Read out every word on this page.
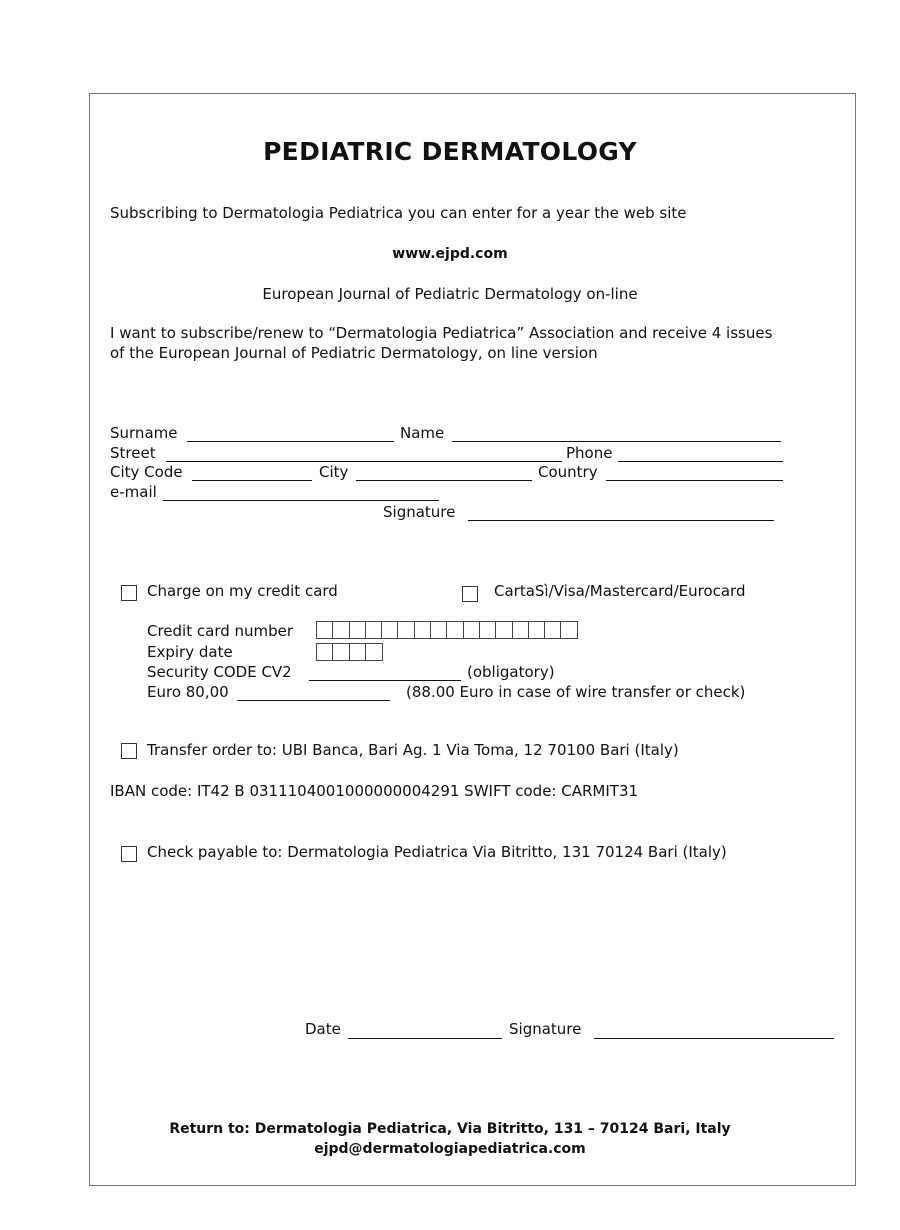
PEDIATRIC DERMATOLOGY
Subscribing to Dermatologia Pediatrica you can enter for a year the web site
www.ejpd.com
European Journal of Pediatric Dermatology on-line
I want to subscribe/renew to “Dermatologia Pediatrica” Association and receive 4 issues
of the European Journal of Pediatric Dermatology, on line version
Surname	Name
Street	Phone
City Code	City	Country
e-mail
Signature
Charge on my credit card	CartaSì/Visa/Mastercard/Eurocard
Credit card number
Expiry date
Security CODE CV2	(obligatory)
Euro 80,00	(88.00 Euro in case of wire transfer or check)
Transfer order to: UBI Banca, Bari Ag. 1 Via Toma, 12 70100 Bari (Italy)
IBAN code: IT42 B 0311104001000000004291 SWIFT code: CARMIT31
Check payable to: Dermatologia Pediatrica Via Bitritto, 131 70124 Bari (Italy)
Date	Signature
Return to: Dermatologia Pediatrica, Via Bitritto, 131 – 70124 Bari, Italy
ejpd@dermatologiapediatrica.com
